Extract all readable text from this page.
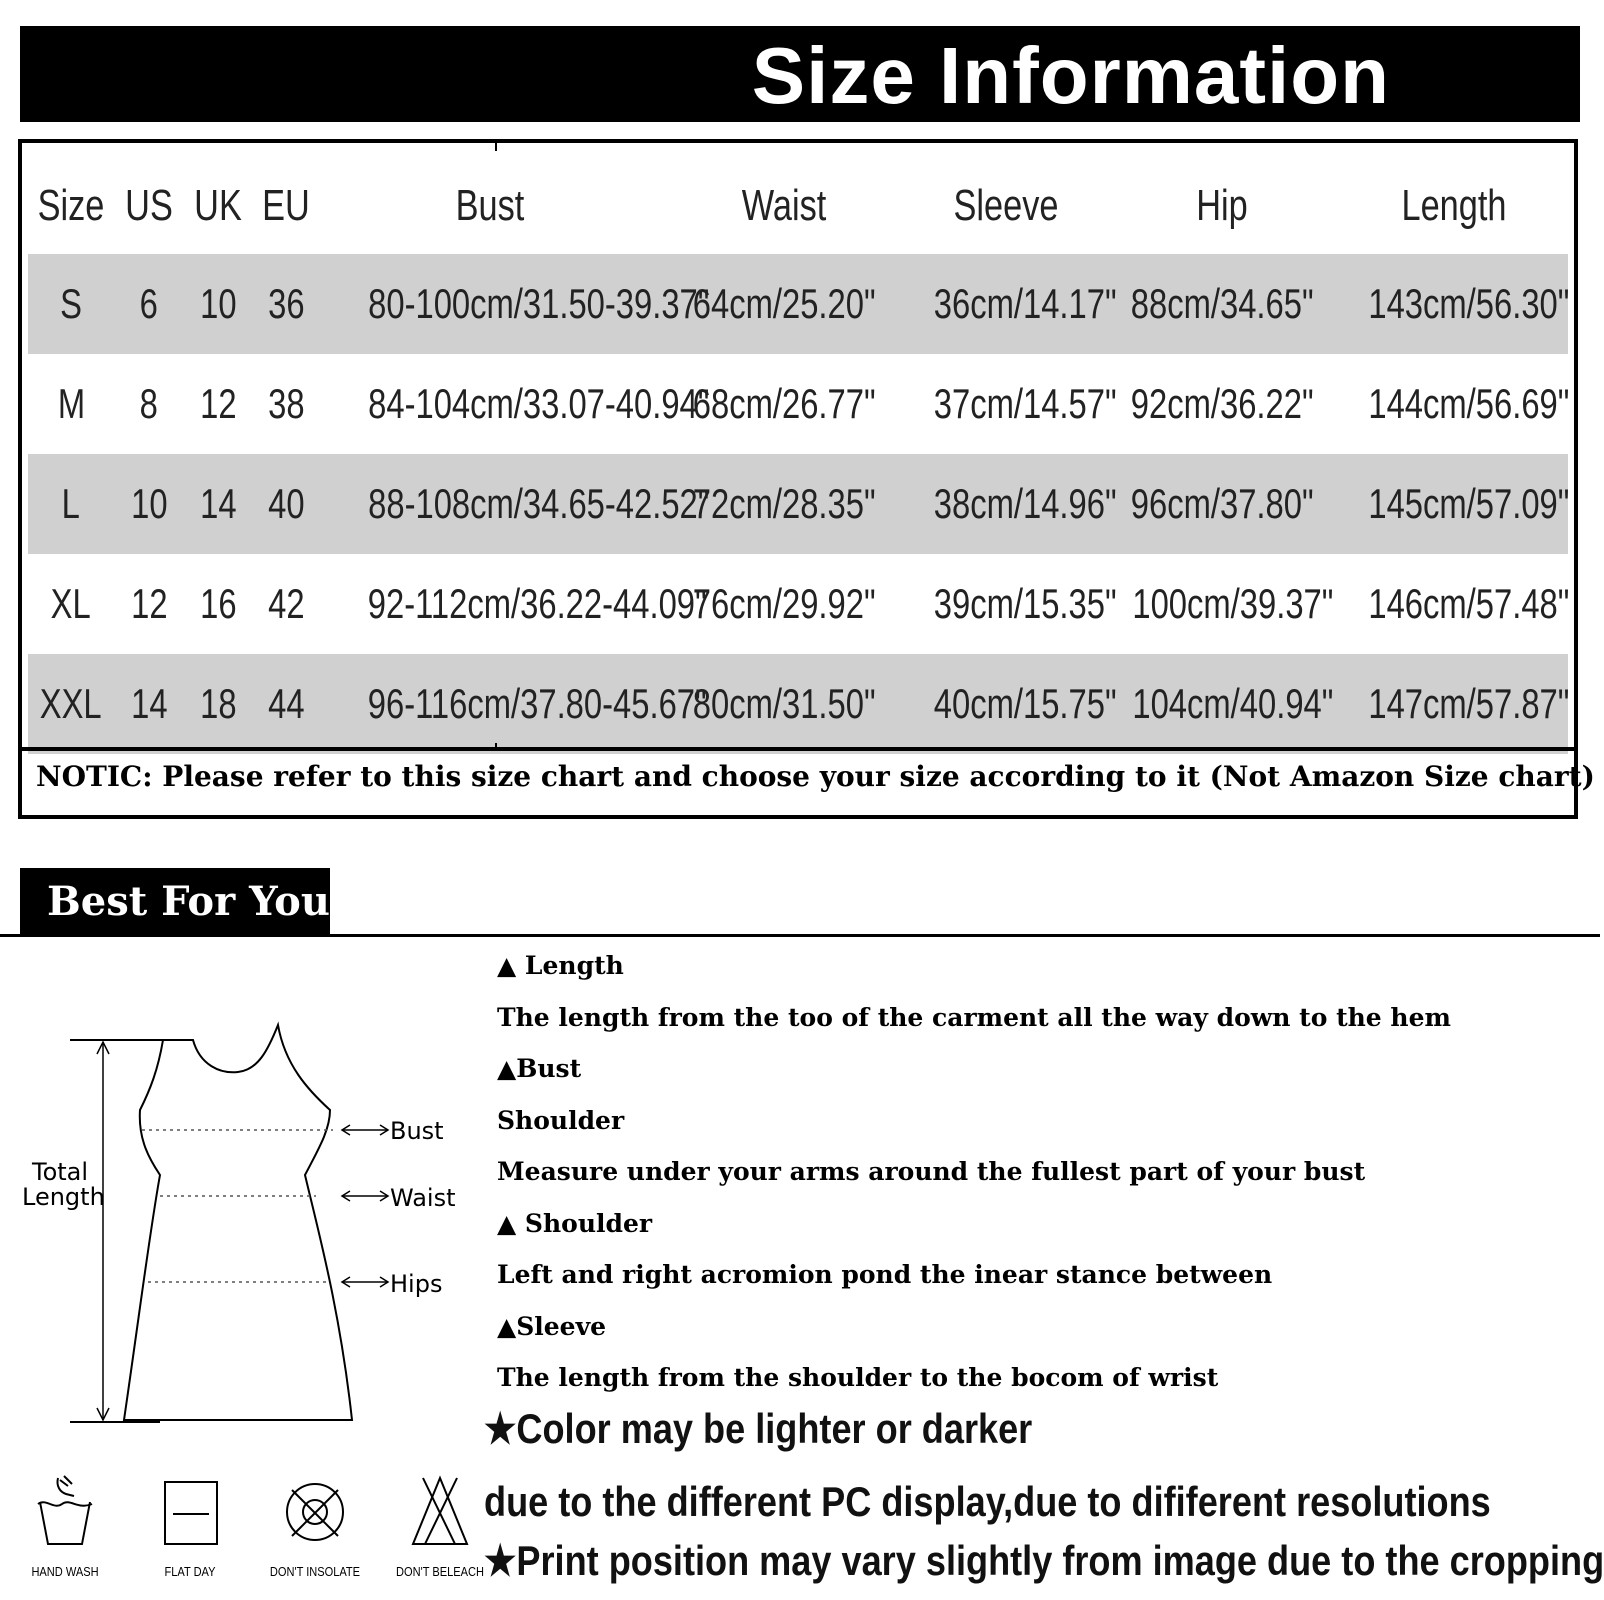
Size Information
Size	US	UK	EU	Bust	Waist	Sleeve	Hip	Length
S	6	10	36	80-100cm/31.50-39.37"	64cm/25.20"	36cm/14.17"	88cm/34.65"	143cm/56.30"
M	8	12	38	84-104cm/33.07-40.94"	68cm/26.77"	37cm/14.57"	92cm/36.22"	144cm/56.69"
L	10	14	40	88-108cm/34.65-42.52"	72cm/28.35"	38cm/14.96"	96cm/37.80"	145cm/57.09"
XL	12	16	42	92-112cm/36.22-44.09"	76cm/29.92"	39cm/15.35"	100cm/39.37"	146cm/57.48"
XXL	14	18	44	96-116cm/37.80-45.67"	80cm/31.50"	40cm/15.75"	104cm/40.94"	147cm/57.87"
NOTIC: Please refer to this size chart and choose your size according to it (Not Amazon Size chart)
Best For You
Total
Length
Bust
Waist
Hips
HAND WASH	FLAT DAY	DON'T INSOLATE	DON'T BELEACH

▲ Length

The length from the too of the carment all the way down to the hem

▲Bust

Shoulder

Measure under your arms around the fullest part of your bust

▲ Shoulder

Left and right acromion pond the inear stance between

▲Sleeve

The length from the shoulder to the bocom of wrist

★Color may be lighter or darker
due to the different PC display,due to dififerent resolutions
★Print position may vary slightly from image due to the cropping
